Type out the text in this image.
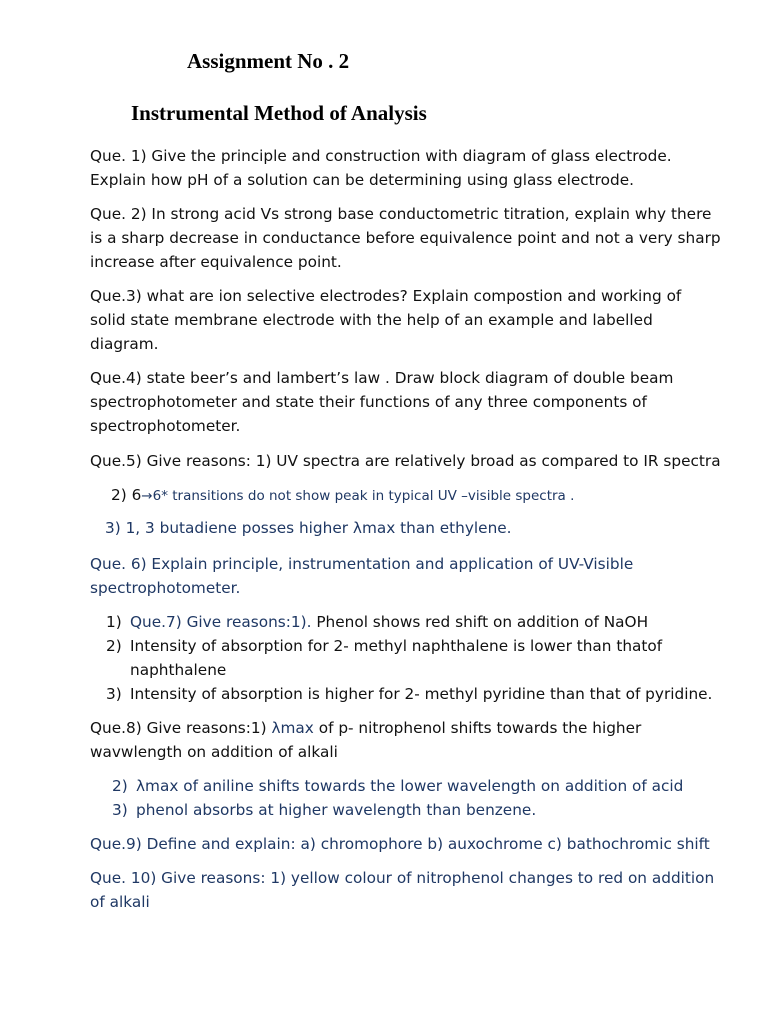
Assignment No . 2
Instrumental Method of Analysis

Que. 1) Give the principle and construction with diagram of glass electrode.

Explain how pH of a solution can be determining using glass electrode.

Que. 2) In strong acid Vs strong base conductometric titration, explain why there

is a sharp decrease in conductance before equivalence point and not a very sharp

increase after equivalence point.

Que.3) what are ion selective electrodes? Explain compostion and working of

solid state membrane electrode with the help of an example and labelled

diagram.

Que.4) state beer’s and lambert’s law . Draw block diagram of double beam

spectrophotometer and state their functions of any three components of

spectrophotometer.

Que.5) Give reasons: 1) UV spectra are relatively broad as compared to IR spectra

2) 6→6* transitions do not show peak in typical UV –visible spectra .

3) 1, 3 butadiene posses higher λmax than ethylene.

Que. 6) Explain principle, instrumentation and application of UV-Visible

spectrophotometer.

1) Que.7) Give reasons:1). Phenol shows red shift on addition of NaOH

2) Intensity of absorption for 2- methyl naphthalene is lower than thatof

naphthalene

3) Intensity of absorption is higher for 2- methyl pyridine than that of pyridine.

Que.8) Give reasons:1) λmax of p- nitrophenol shifts towards the higher

wavwlength on addition of alkali

2) λmax of aniline shifts towards the lower wavelength on addition of acid

3) phenol absorbs at higher wavelength than benzene.

Que.9) Define and explain: a) chromophore b) auxochrome c) bathochromic shift

Que. 10) Give reasons: 1) yellow colour of nitrophenol changes to red on addition

of alkali
